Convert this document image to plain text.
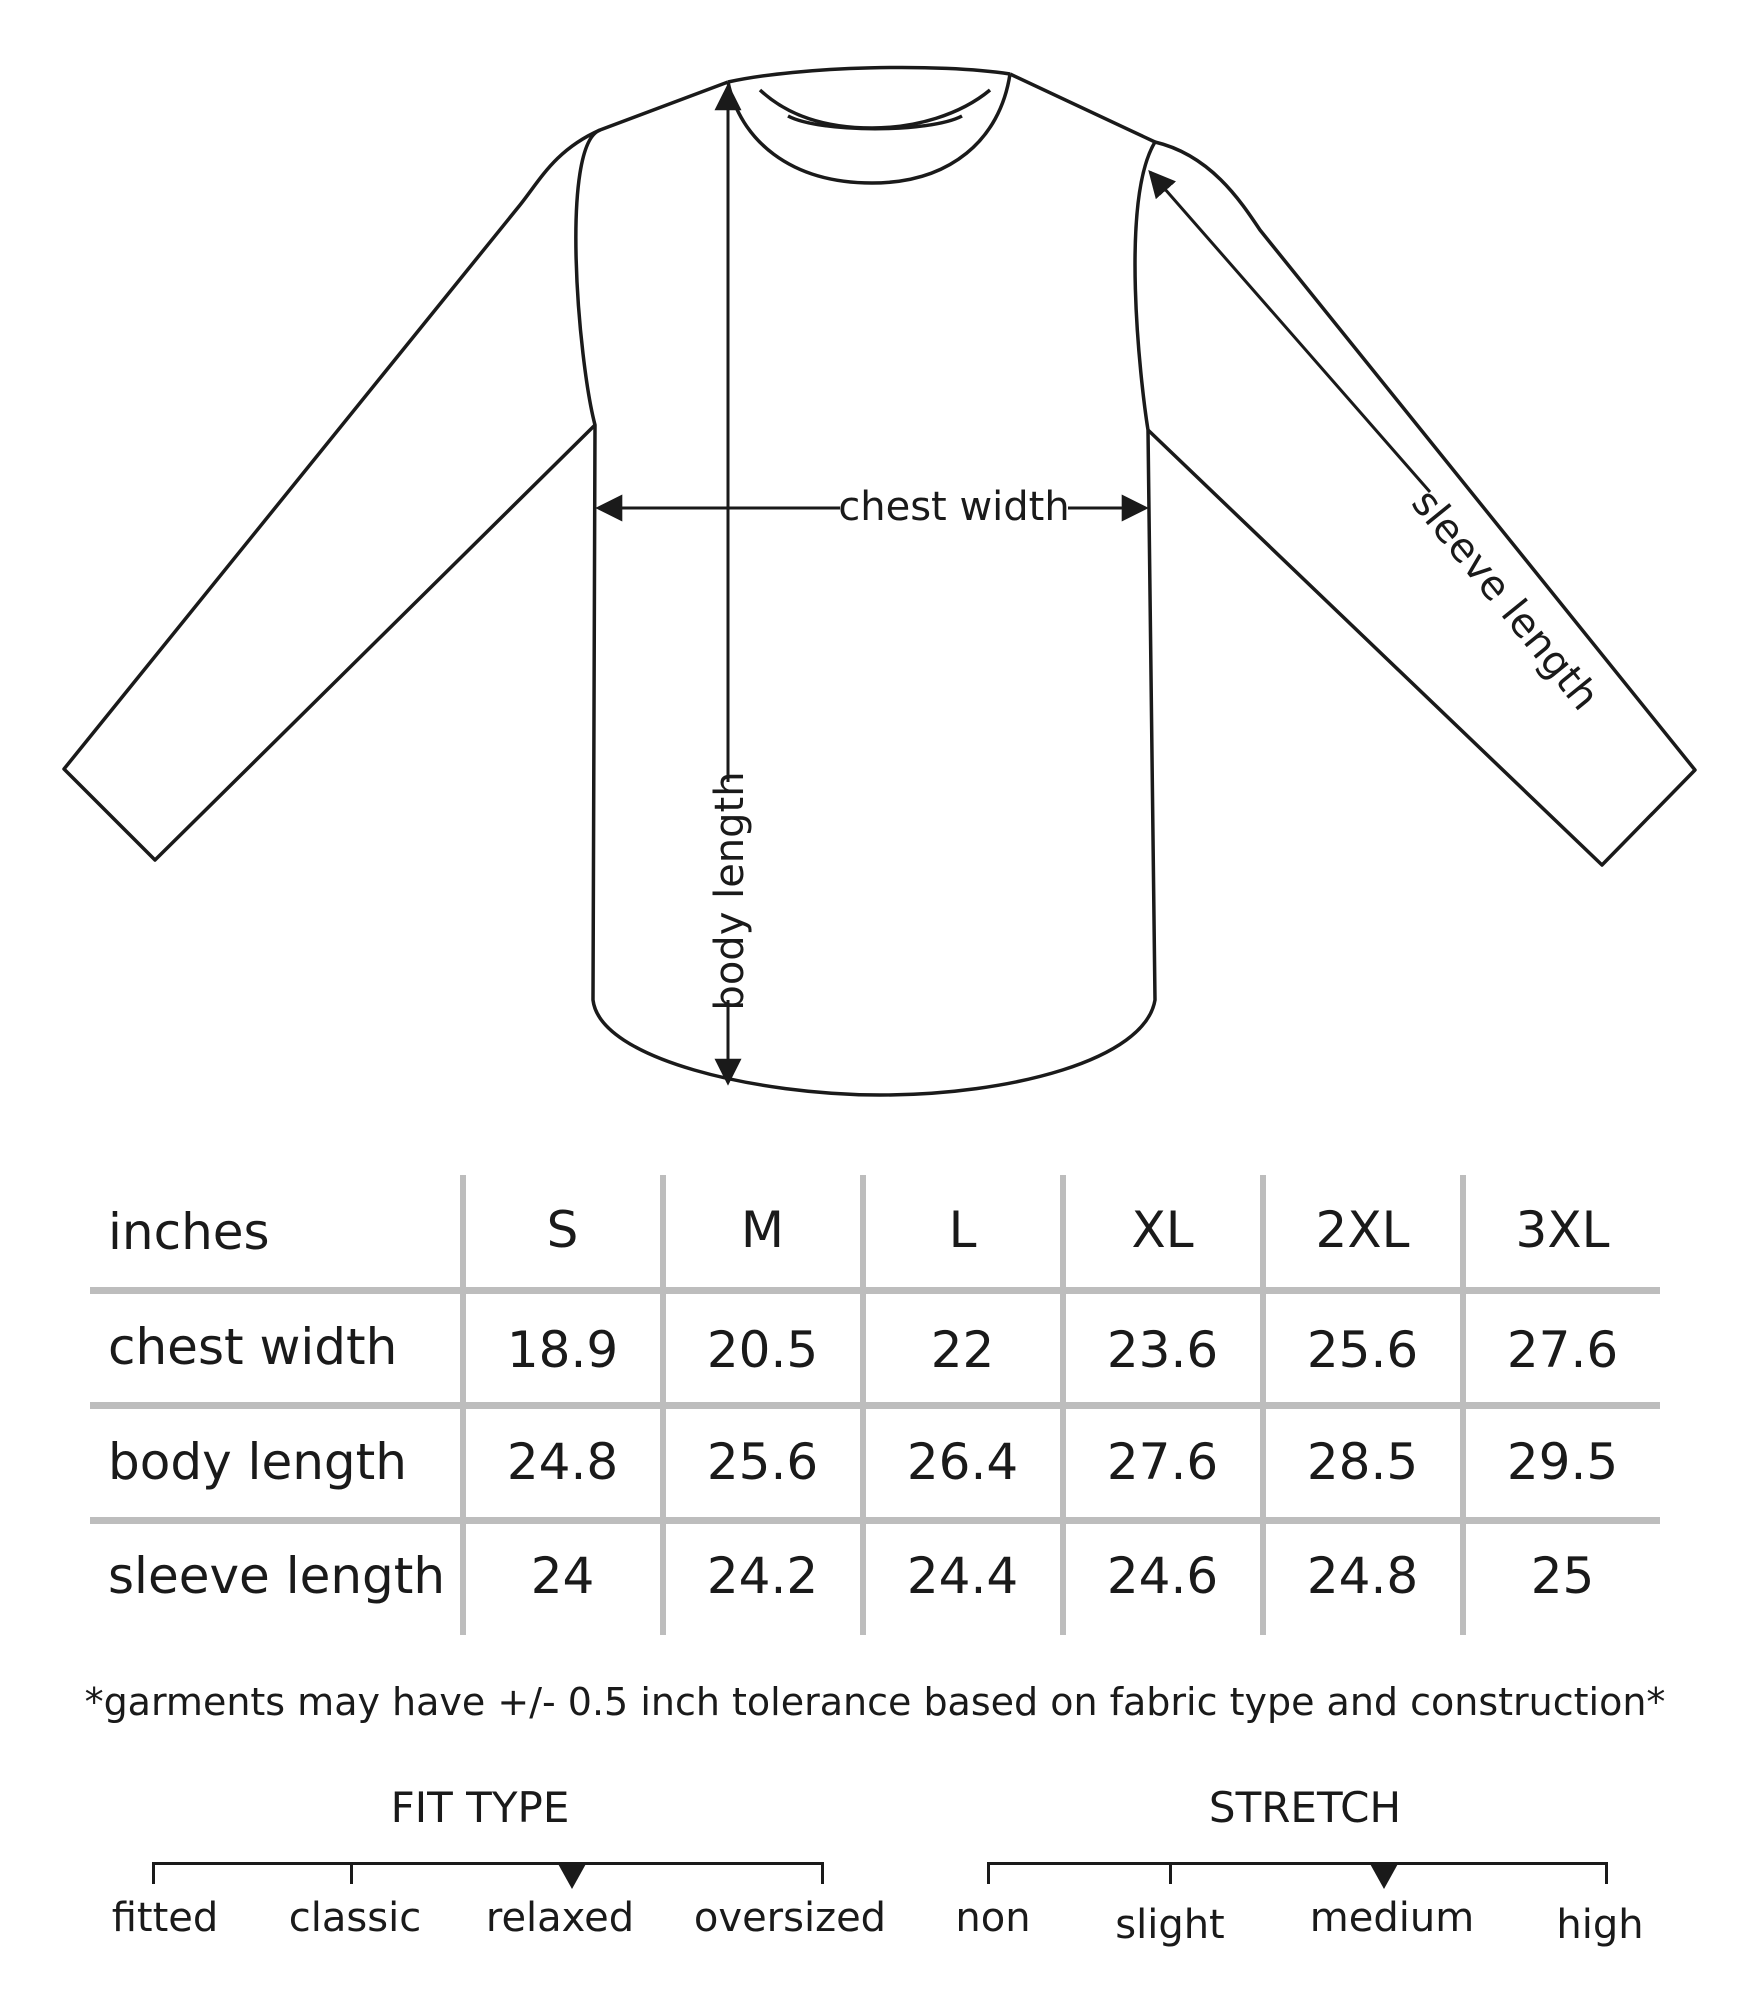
chest width
body length
sleeve length
inches	S	M	L	XL	2XL	3XL
chest width	18.9	20.5	22	23.6	25.6	27.6
body length	24.8	25.6	26.4	27.6	28.5	29.5
sleeve length	24	24.2	24.4	24.6	24.8	25
*garments may have +/- 0.5 inch tolerance based on fabric type and construction*
FIT TYPE
fitted	classic	relaxed	oversized
STRETCH
non	slight	medium	high
